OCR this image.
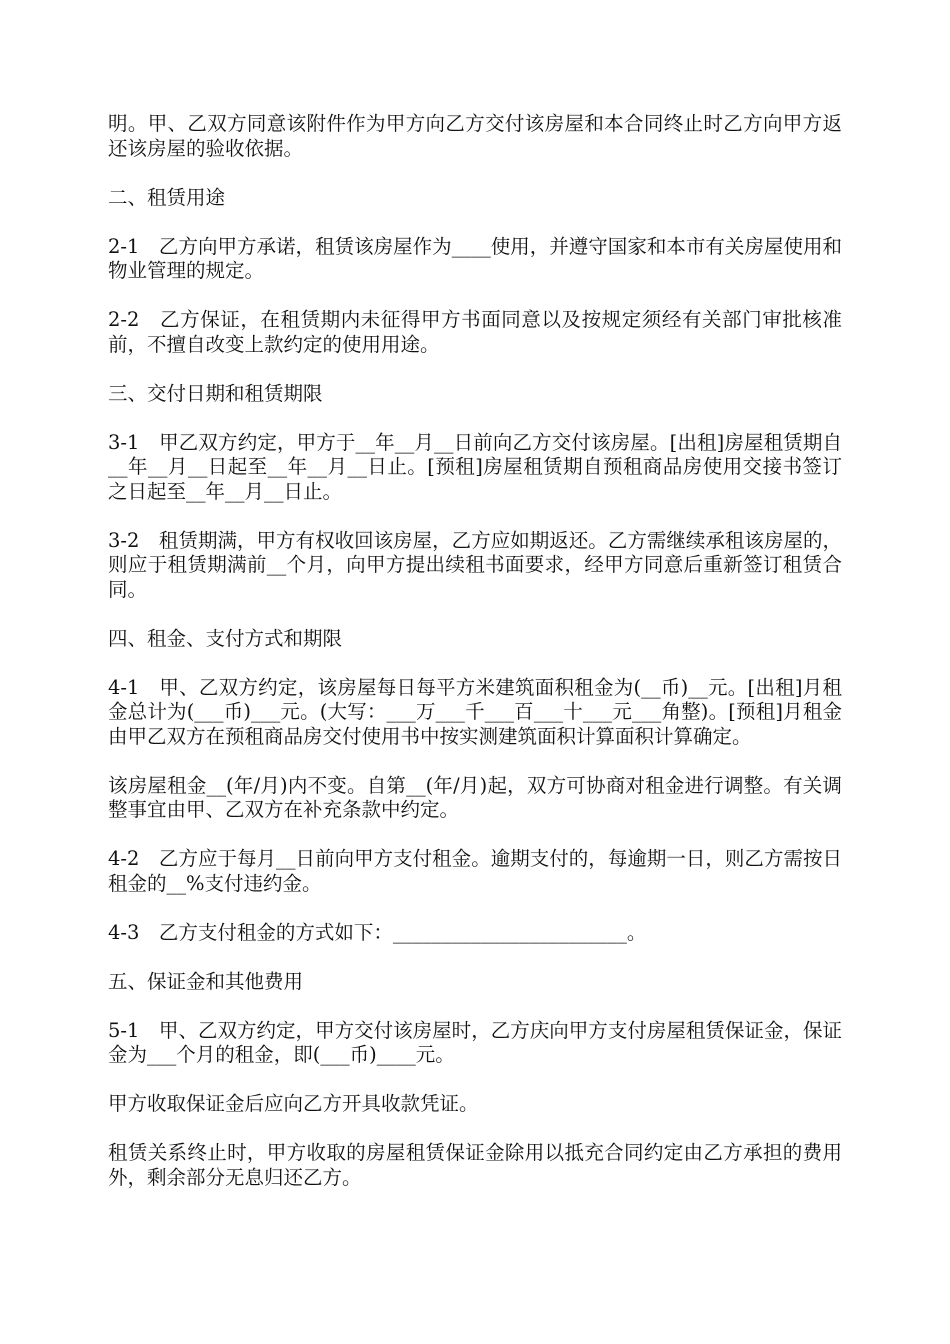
明。甲、乙双方同意该附件作为甲方向乙方交付该房屋和本合同终止时乙方向甲方返还该房屋的验收依据。

二、租赁用途

2-1　乙方向甲方承诺，租赁该房屋作为____使用，并遵守国家和本市有关房屋使用和物业管理的规定。

2-2　乙方保证，在租赁期内未征得甲方书面同意以及按规定须经有关部门审批核准前，不擅自改变上款约定的使用用途。

三、交付日期和租赁期限

3-1　甲乙双方约定，甲方于__年__月__日前向乙方交付该房屋。[出租]房屋租赁期自__年__月__日起至__年__月__日止。[预租]房屋租赁期自预租商品房使用交接书签订之日起至__年__月__日止。

3-2　租赁期满，甲方有权收回该房屋，乙方应如期返还。乙方需继续承租该房屋的，则应于租赁期满前__个月，向甲方提出续租书面要求，经甲方同意后重新签订租赁合同。

四、租金、支付方式和期限

4-1　甲、乙双方约定，该房屋每日每平方米建筑面积租金为(__币)__元。[出租]月租金总计为(___币)___元。(大写：___万___千___百___十___元___角整)。[预租]月租金由甲乙双方在预租商品房交付使用书中按实测建筑面积计算面积计算确定。

该房屋租金__(年/月)内不变。自第__(年/月)起，双方可协商对租金进行调整。有关调整事宜由甲、乙双方在补充条款中约定。

4-2　乙方应于每月__日前向甲方支付租金。逾期支付的，每逾期一日，则乙方需按日租金的__%支付违约金。

4-3　乙方支付租金的方式如下：________________________。

五、保证金和其他费用

5-1　甲、乙双方约定，甲方交付该房屋时，乙方庆向甲方支付房屋租赁保证金，保证金为___个月的租金，即(___币)____元。

甲方收取保证金后应向乙方开具收款凭证。

租赁关系终止时，甲方收取的房屋租赁保证金除用以抵充合同约定由乙方承担的费用外，剩余部分无息归还乙方。
